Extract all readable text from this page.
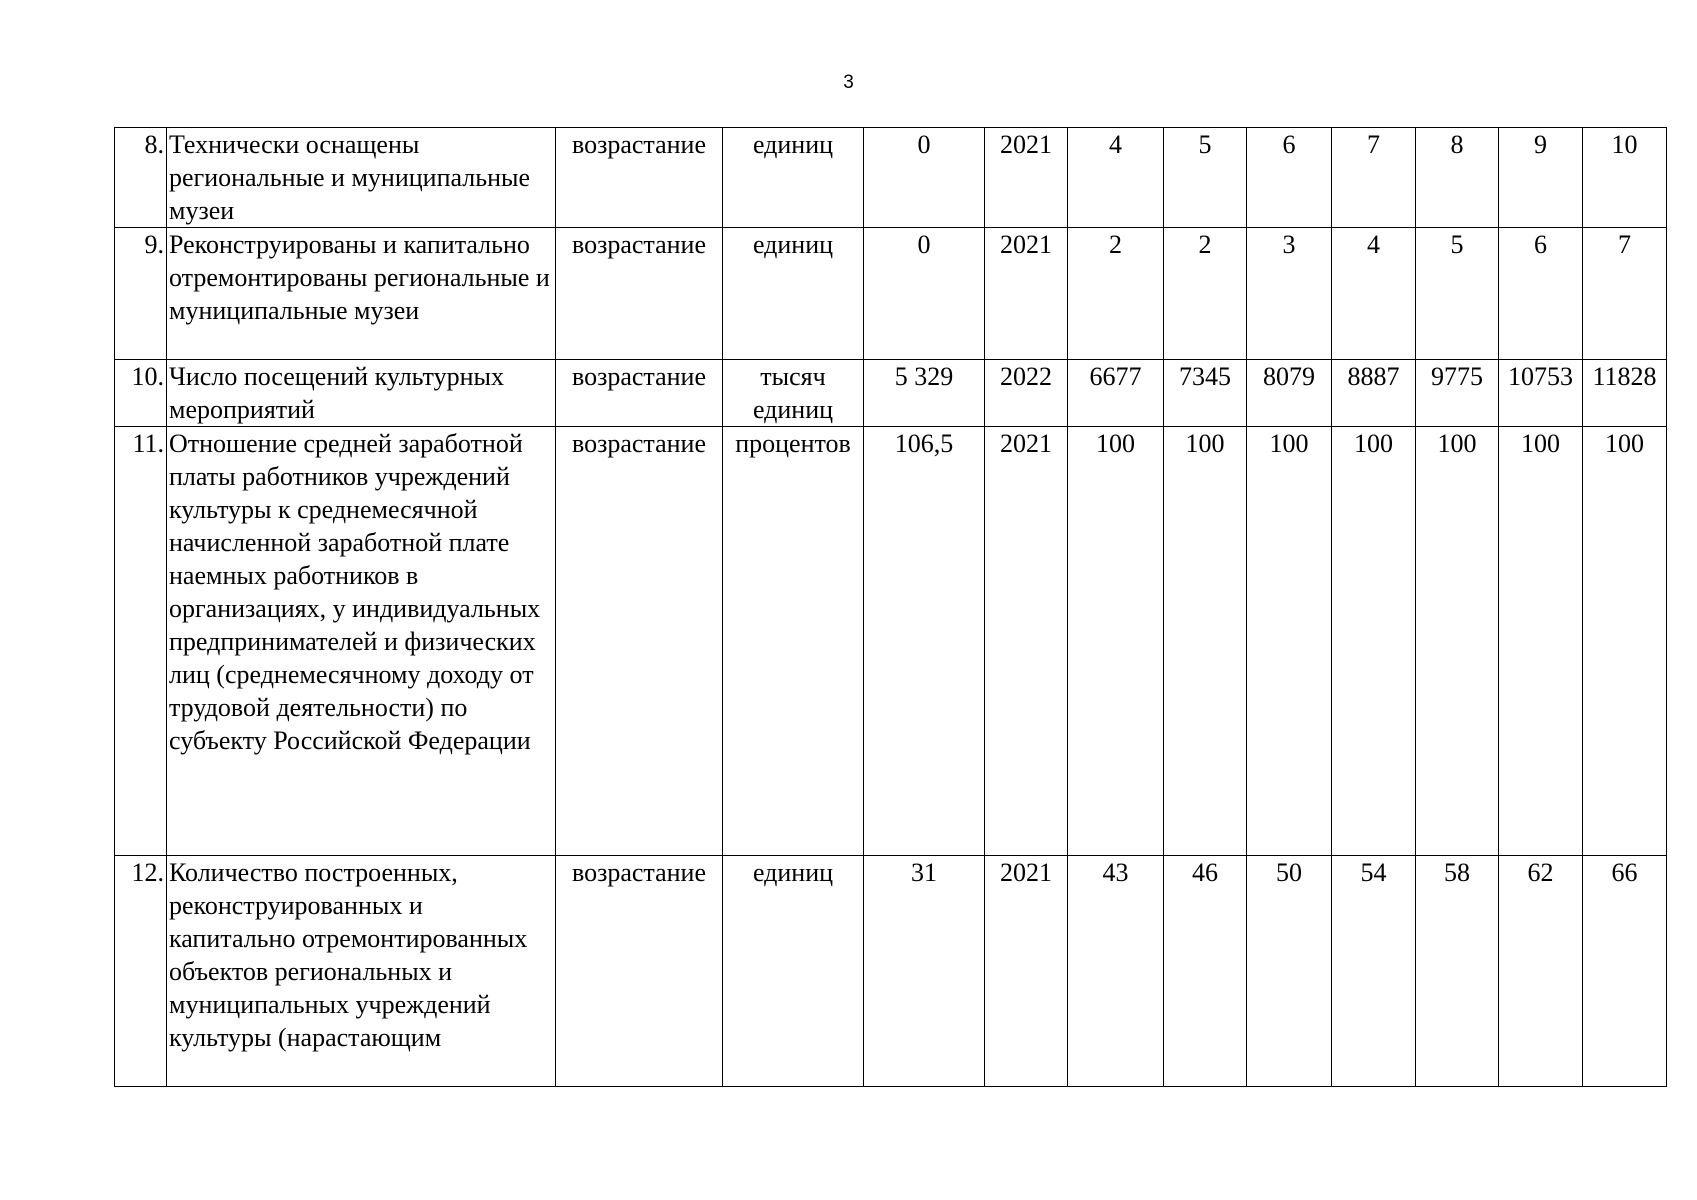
3
8.	Технически оснащены региональные и муниципальные музеи	возрастание	единиц	0	2021	4	5	6	7	8	9	10
9.	Реконструированы и капитально отремонтированы региональные и муниципальные музеи	возрастание	единиц	0	2021	2	2	3	4	5	6	7
10.	Число посещений культурных мероприятий	возрастание	тысяч единиц	5 329	2022	6677	7345	8079	8887	9775	10753	11828
11.	Отношение средней заработной платы работников учреждений культуры к среднемесячной начисленной заработной плате наемных работников в организациях, у индивидуальных предпринимателей и физических лиц (среднемесячному доходу от трудовой деятельности) по субъекту Российской Федерации	возрастание	процентов	106,5	2021	100	100	100	100	100	100	100
12.	Количество построенных, реконструированных и капитально отремонтированных объектов региональных и муниципальных учреждений культуры (нарастающим	возрастание	единиц	31	2021	43	46	50	54	58	62	66
